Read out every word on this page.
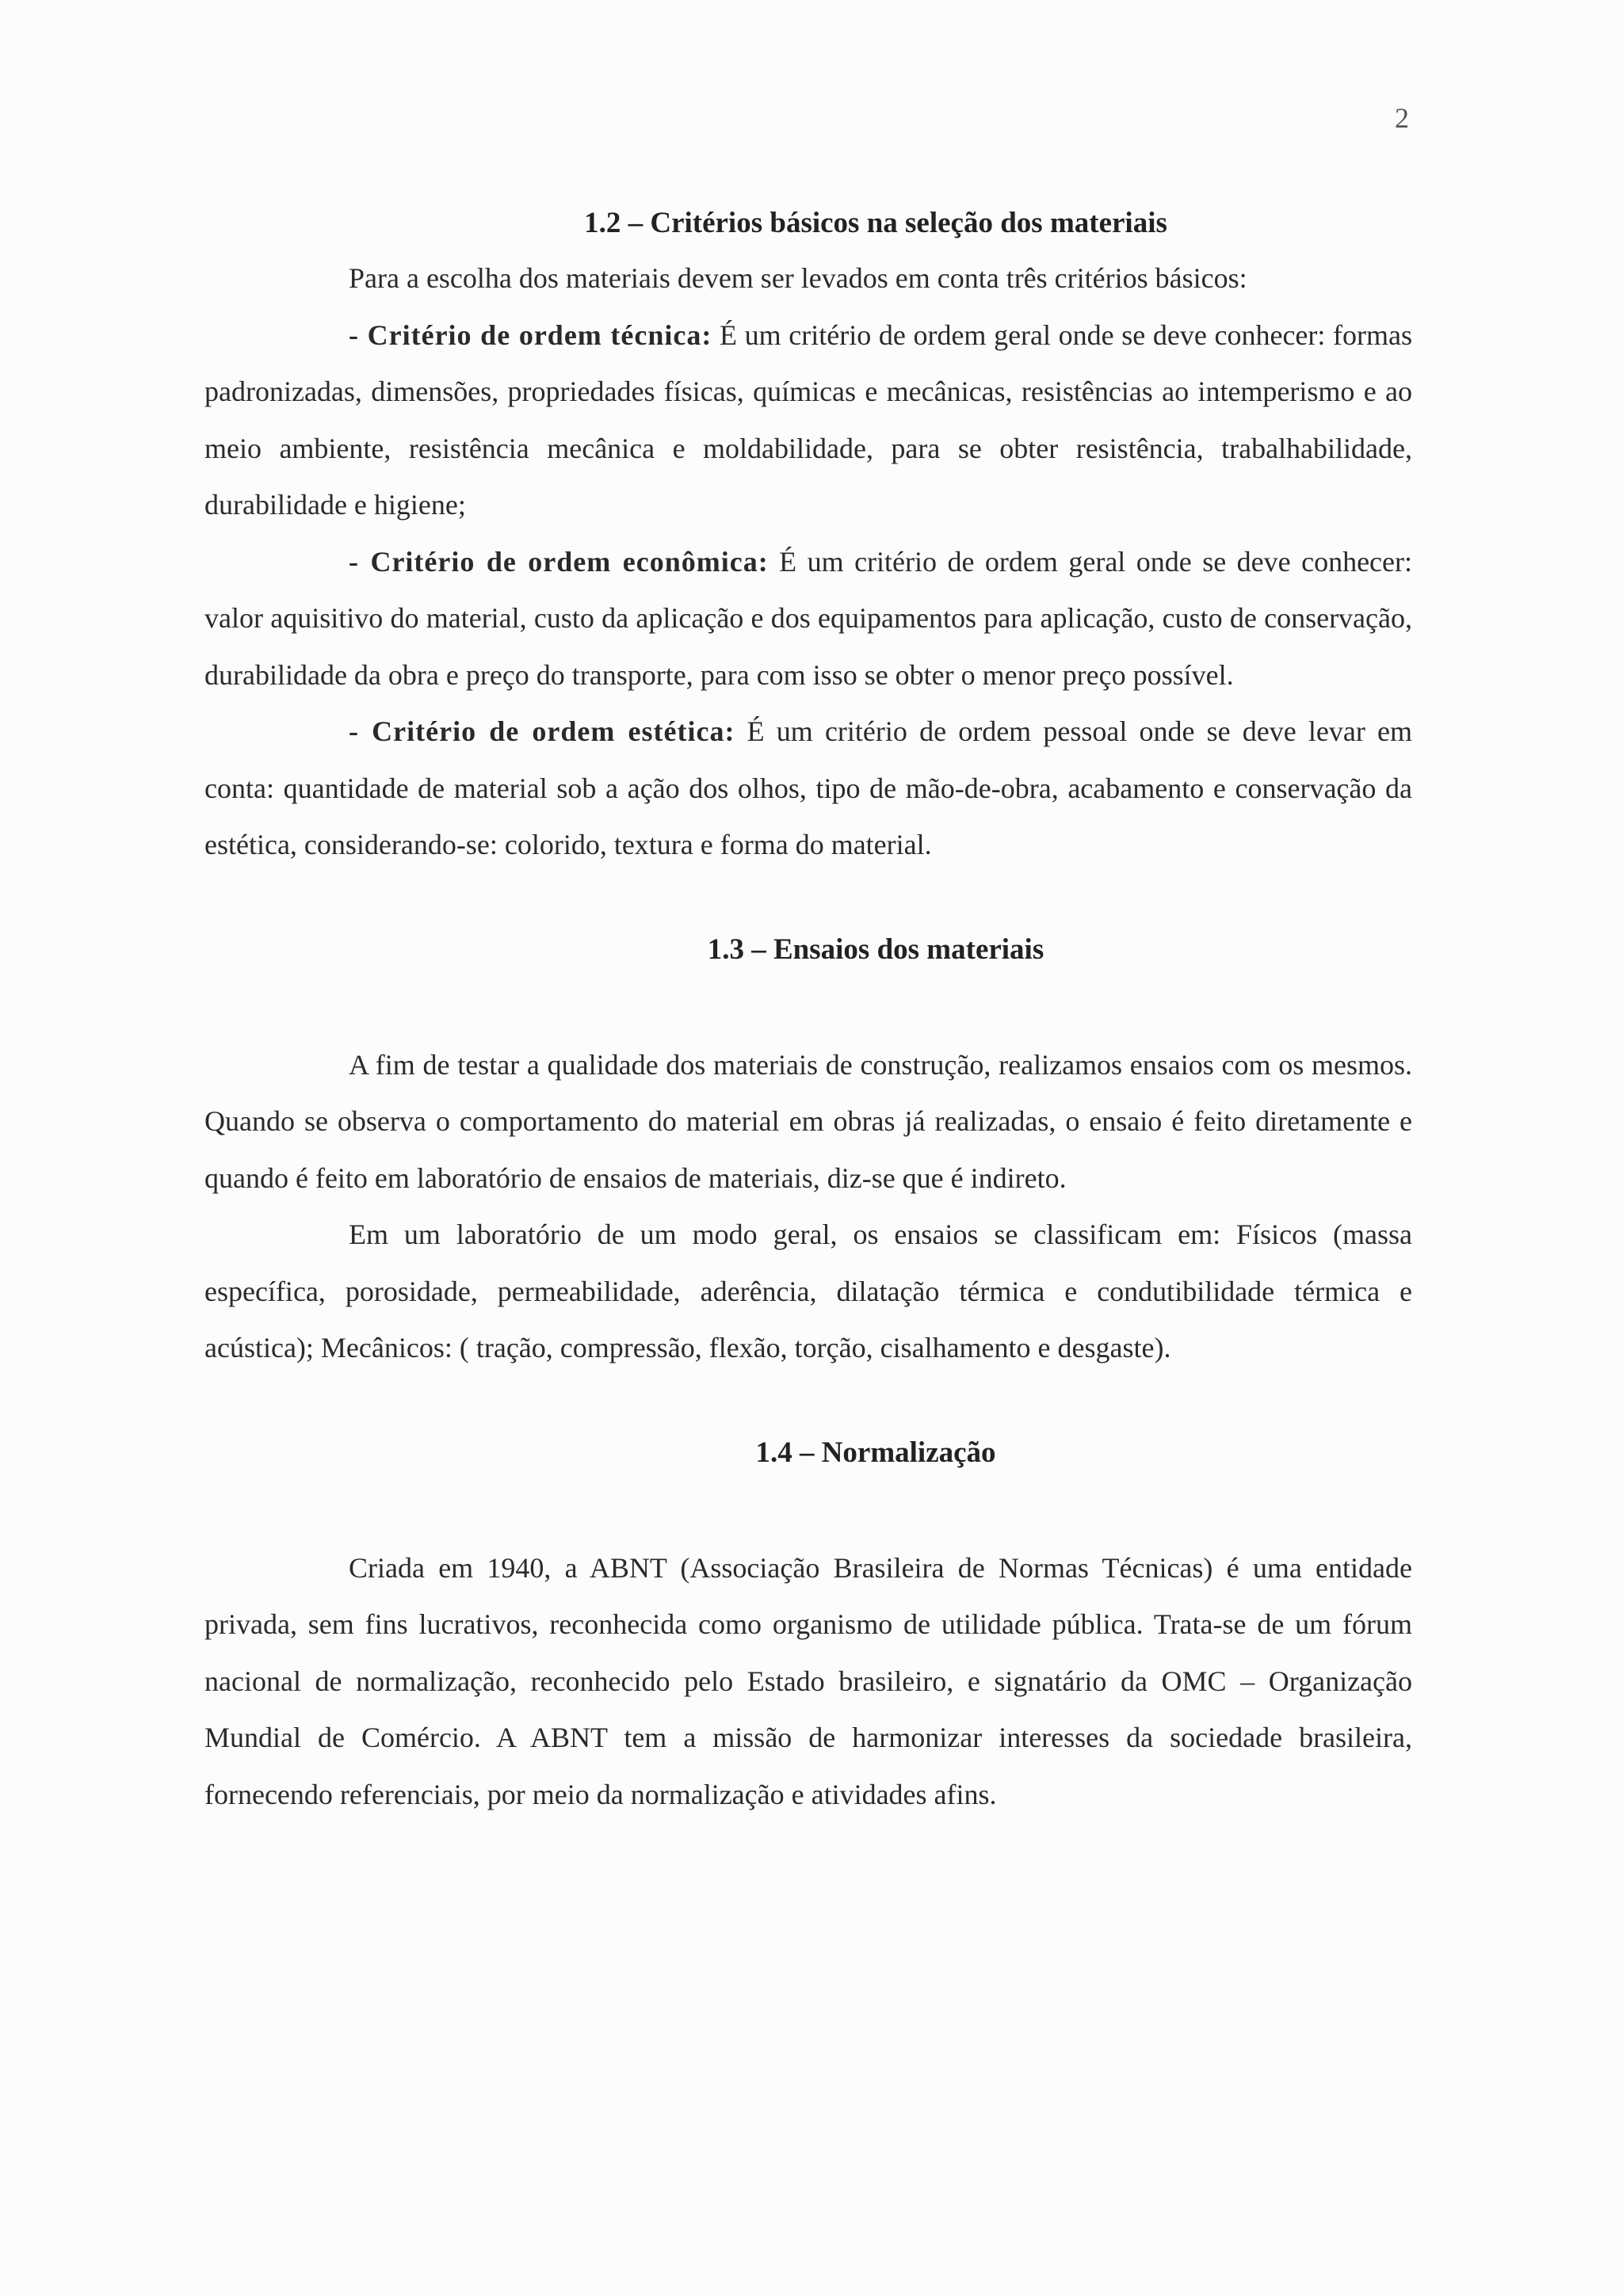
2
1.2 – Critérios básicos na seleção dos materiais

Para a escolha dos materiais devem ser levados em conta três critérios básicos:

- Critério de ordem técnica: É um critério de ordem geral onde se deve conhecer: formas padronizadas, dimensões, propriedades físicas, químicas e mecânicas, resistências ao intemperismo e ao meio ambiente, resistência mecânica e moldabilidade, para se obter resistência, trabalhabilidade, durabilidade e higiene;

- Critério de ordem econômica: É um critério de ordem geral onde se deve conhecer: valor aquisitivo do material, custo da aplicação e dos equipamentos para aplicação, custo de conservação, durabilidade da obra e preço do transporte, para com isso se obter o menor preço possível.

- Critério de ordem estética: É um critério de ordem pessoal onde se deve levar em conta: quantidade de material sob a ação dos olhos, tipo de mão-de-obra, acabamento e conservação da estética, considerando-se: colorido, textura e forma do material.

1.3 – Ensaios dos materiais

A fim de testar a qualidade dos materiais de construção, realizamos ensaios com os mesmos. Quando se observa o comportamento do material em obras já realizadas, o ensaio é feito diretamente e quando é feito em laboratório de ensaios de materiais, diz-se que é indireto.

Em um laboratório de um modo geral, os ensaios se classificam em: Físicos (massa específica, porosidade, permeabilidade, aderência, dilatação térmica e condutibilidade térmica e acústica); Mecânicos: ( tração, compressão, flexão, torção, cisalhamento e desgaste).

1.4 – Normalização

Criada em 1940, a ABNT (Associação Brasileira de Normas Técnicas) é uma entidade privada, sem fins lucrativos, reconhecida como organismo de utilidade pública. Trata-se de um fórum nacional de normalização, reconhecido pelo Estado brasileiro, e signatário da OMC – Organização Mundial de Comércio. A ABNT tem a missão de harmonizar interesses da sociedade brasileira, fornecendo referenciais, por meio da normalização e atividades afins.
